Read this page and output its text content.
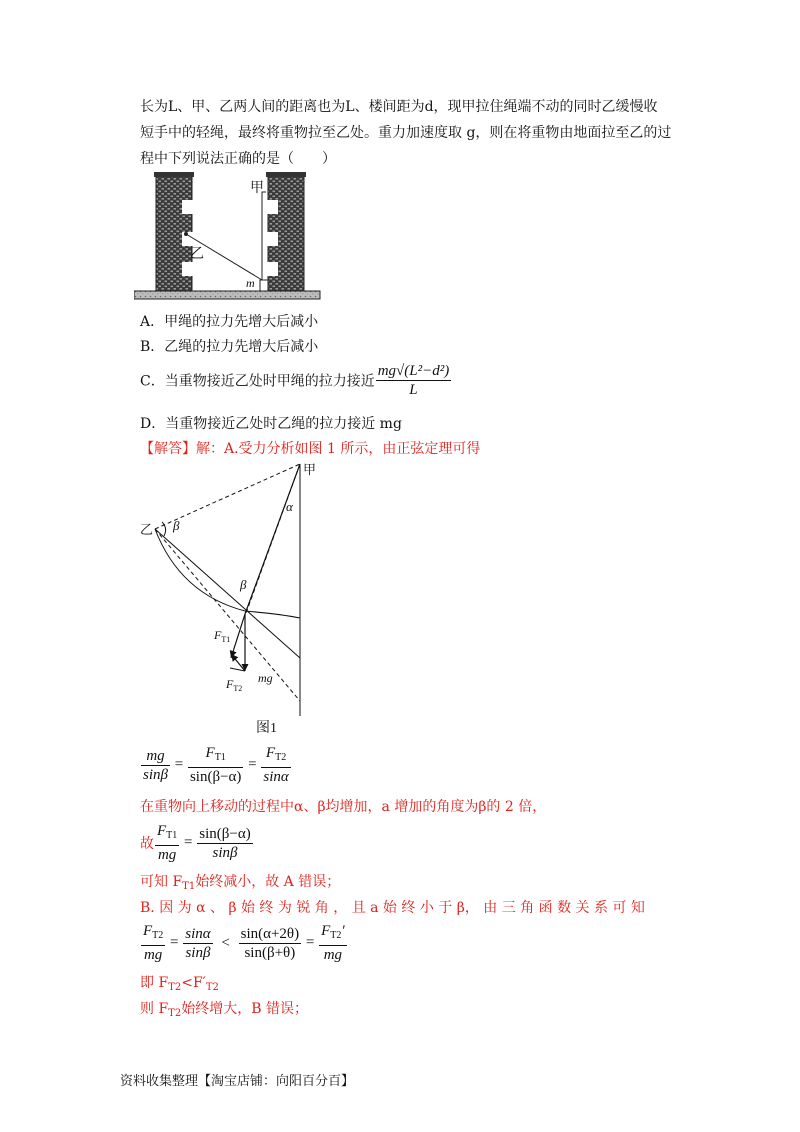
长为L、甲、乙两人间的距离也为L、楼间距为d，现甲拉住绳端不动的同时乙缓慢收
短手中的轻绳，最终将重物拉至乙处。重力加速度取 g，则在将重物由地面拉至乙的过
程中下列说法正确的是（　　）
甲
乙
m
A．甲绳的拉力先增大后减小
B．乙绳的拉力先增大后减小
C．当重物接近乙处时甲绳的拉力接近 $\frac{\text{mg√(L²−d²)}}{L}$
D．当重物接近乙处时乙绳的拉力接近 mg
【解答】解：A.受力分析如图 1 所示，由正弦定理可得
甲
乙 β
α
β
$F_{T1}$
$F_{T2}$
mg
图1
$\frac{mg}{\sin\beta} = \frac{F_{T1}}{\sin(\beta-\alpha)} = \frac{F_{T2}}{\sin\alpha}$
在重物向上移动的过程中α、β均增加，a 增加的角度为β的 2 倍，
故 $\frac{F_{T1}}{mg} = \frac{\sin(\beta-\alpha)}{\sin\beta}$
可知 $F_{T1}$始终减小，故 A 错误；
B. 因 为 α 、 β 始 终 为 锐 角 ， 且 a 始 终 小 于 β， 由 三 角 函 数 关 系 可 知
$\frac{F_{T2}}{mg} = \frac{\sin\alpha}{\sin\beta} < \frac{\sin(\alpha+2\theta)}{\sin(\beta+\theta)} = \frac{F_{T2}'}{mg}$
即 $F_{T2}<F'_{T2}$
则 $F_{T2}$始终增大，B 错误；
资料收集整理【淘宝店铺：向阳百分百】
